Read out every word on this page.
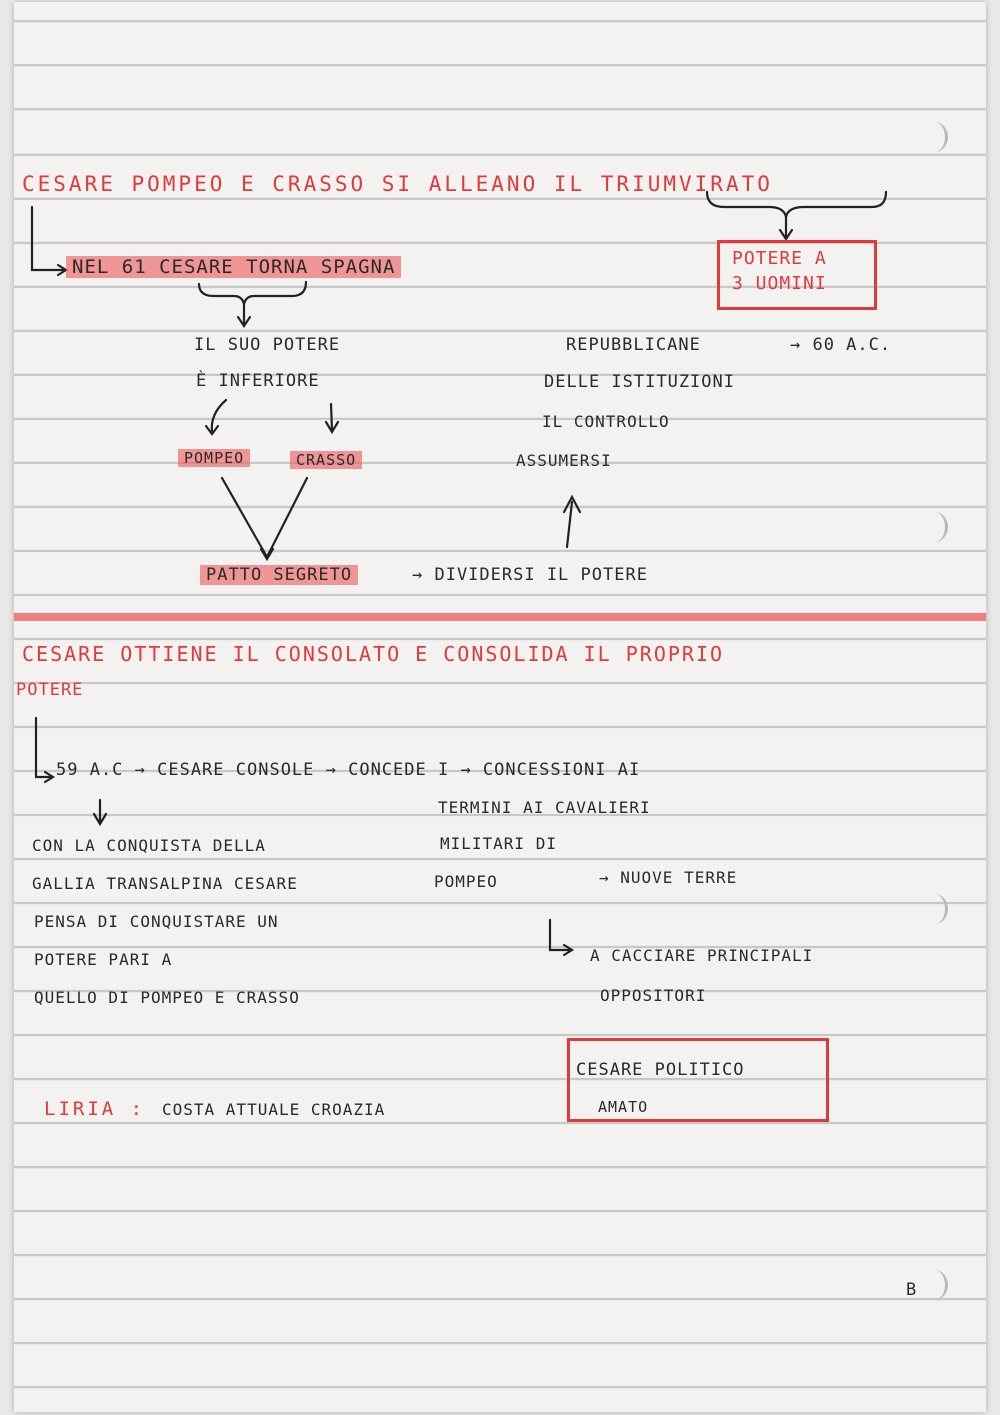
CESARE POMPEO E CRASSO SI ALLEANO IL TRIUMVIRATO
NEL 61 CESARE TORNA SPAGNA	POTERE A
3 UOMINI
IL SUO POTERE
È INFERIORE
POMPEO	CRASSO
PATTO SEGRETO	→ DIVIDERSI IL POTERE
REPUBBLICANE	→ 60 A.C.
DELLE ISTITUZIONI
IL CONTROLLO
ASSUMERSI
CESARE OTTIENE IL CONSOLATO E CONSOLIDA IL PROPRIO
POTERE
59 A.C → CESARE CONSOLE → CONCEDE I → CONCESSIONI AI
TERMINI AI CAVALIERI
MILITARI DI
POMPEO	→ NUOVE TERRE
CON LA CONQUISTA DELLA
GALLIA TRANSALPINA CESARE
PENSA DI CONQUISTARE UN
POTERE PARI A
QUELLO DI POMPEO E CRASSO
A CACCIARE PRINCIPALI
OPPOSITORI
CESARE POLITICO
AMATO
LIRIA : COSTA ATTUALE CROAZIA
B
